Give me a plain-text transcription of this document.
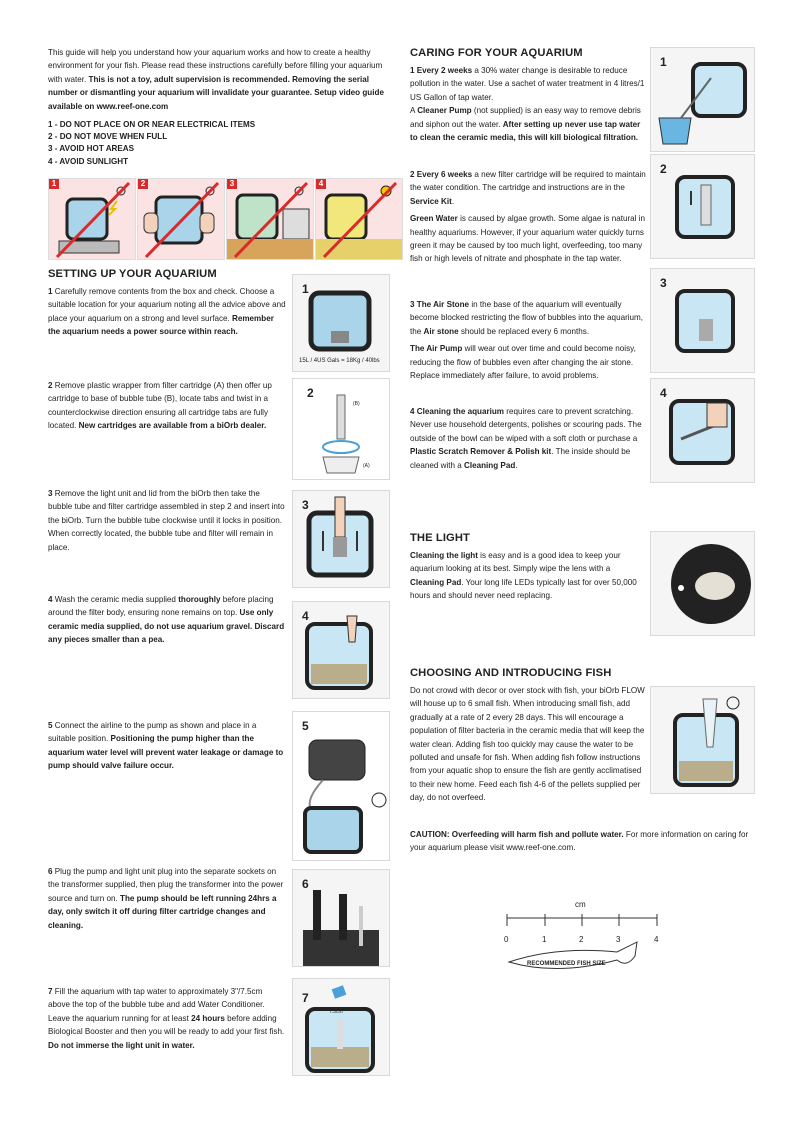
This guide will help you understand how your aquarium works and how to create a healthy environment for your fish. Please read these instructions carefully before filling your aquarium with water. This is not a toy, adult supervision is recommended. Removing the serial number or dismantling your aquarium will invalidate your guarantee. Setup video guide available on www.reef-one.com

1 - DO NOT PLACE ON OR NEAR ELECTRICAL ITEMS
2 - DO NOT MOVE WHEN FULL
3 - AVOID HOT AREAS
4 - AVOID SUNLIGHT
1	2	3	4
SETTING UP YOUR AQUARIUM

1 Carefully remove contents from the box and check. Choose a suitable location for your aquarium noting all the advice above and place your aquarium on a strong and level surface. Remember the aquarium needs a power source within reach.

1
15L / 4US Gals = 18Kg / 40lbs

2 Remove plastic wrapper from filter cartridge (A) then offer up cartridge to base of bubble tube (B), locate tabs and twist in a counterclockwise direction ensuring all cartridge tabs are fully located. New cartridges are available from a biOrb dealer.

2
(B)
(A)

3 Remove the light unit and lid from the biOrb then take the bubble tube and filter cartridge assembled in step 2 and insert into the biOrb. Turn the bubble tube clockwise until it locks in position. When correctly located, the bubble tube and filter will remain in place.

3

4 Wash the ceramic media supplied thoroughly before placing around the filter body, ensuring none remains on top. Use only ceramic media supplied, do not use aquarium gravel. Discard any pieces smaller than a pea.

4

5 Connect the airline to the pump as shown and place in a suitable position. Positioning the pump higher than the aquarium water level will prevent water leakage or damage to pump should valve failure occur.

5

6 Plug the pump and light unit plug into the separate sockets on the transformer supplied, then plug the transformer into the power source and turn on. The pump should be left running 24hrs a day, only switch it off during filter cartridge changes and cleaning.

6

7 Fill the aquarium with tap water to approximately 3"/7.5cm above the top of the bubble tube and add Water Conditioner. Leave the aquarium running for at least 24 hours before adding Biological Booster and then you will be ready to add your first fish. Do not immerse the light unit in water.

7
7.5cm
CARING FOR YOUR AQUARIUM

1 Every 2 weeks a 30% water change is desirable to reduce pollution in the water. Use a sachet of water treatment in 4 litres/1 US Gallon of tap water.

A Cleaner Pump (not supplied) is an easy way to remove debris and siphon out the water. After setting up never use tap water to clean the ceramic media, this will kill biological filtration.

1

2 Every 6 weeks a new filter cartridge will be required to maintain the water condition. The cartridge and instructions are in the Service Kit.

Green Water is caused by algae growth. Some algae is natural in healthy aquariums. However, if your aquarium water quickly turns green it may be caused by too much light, overfeeding, too many fish or high levels of nitrate and phosphate in the tap water.

2

3 The Air Stone in the base of the aquarium will eventually become blocked restricting the flow of bubbles into the aquarium, the Air stone should be replaced every 6 months.

The Air Pump will wear out over time and could become noisy, reducing the flow of bubbles even after changing the air stone. Replace immediately after failure, to avoid problems.

3

4 Cleaning the aquarium requires care to prevent scratching. Never use household detergents, polishes or scouring pads. The outside of the bowl can be wiped with a soft cloth or purchase a Plastic Scratch Remover & Polish kit. The inside should be cleaned with a Cleaning Pad.

4
THE LIGHT

Cleaning the light is easy and is a good idea to keep your aquarium looking at its best. Simply wipe the lens with a Cleaning Pad. Your long life LEDs typically last for over 50,000 hours and should never need replacing.

CHOOSING AND INTRODUCING FISH

Do not crowd with decor or over stock with fish, your biOrb FLOW will house up to 6 small fish. When introducing small fish, add gradually at a rate of 2 every 28 days. This will encourage a population of filter bacteria in the ceramic media that will keep the water clean. Adding fish too quickly may cause the water to be polluted and unsafe for fish. When adding fish follow instructions from your aquatic shop to ensure the fish are gently acclimatised to their new home. Feed each fish 4-6 of the pellets supplied per day, do not overfeed.

CAUTION: Overfeeding will harm fish and pollute water. For more information on caring for your aquarium please visit www.reef-one.com.

cm
0	1	2	3	4
RECOMMENDED FISH SIZE
